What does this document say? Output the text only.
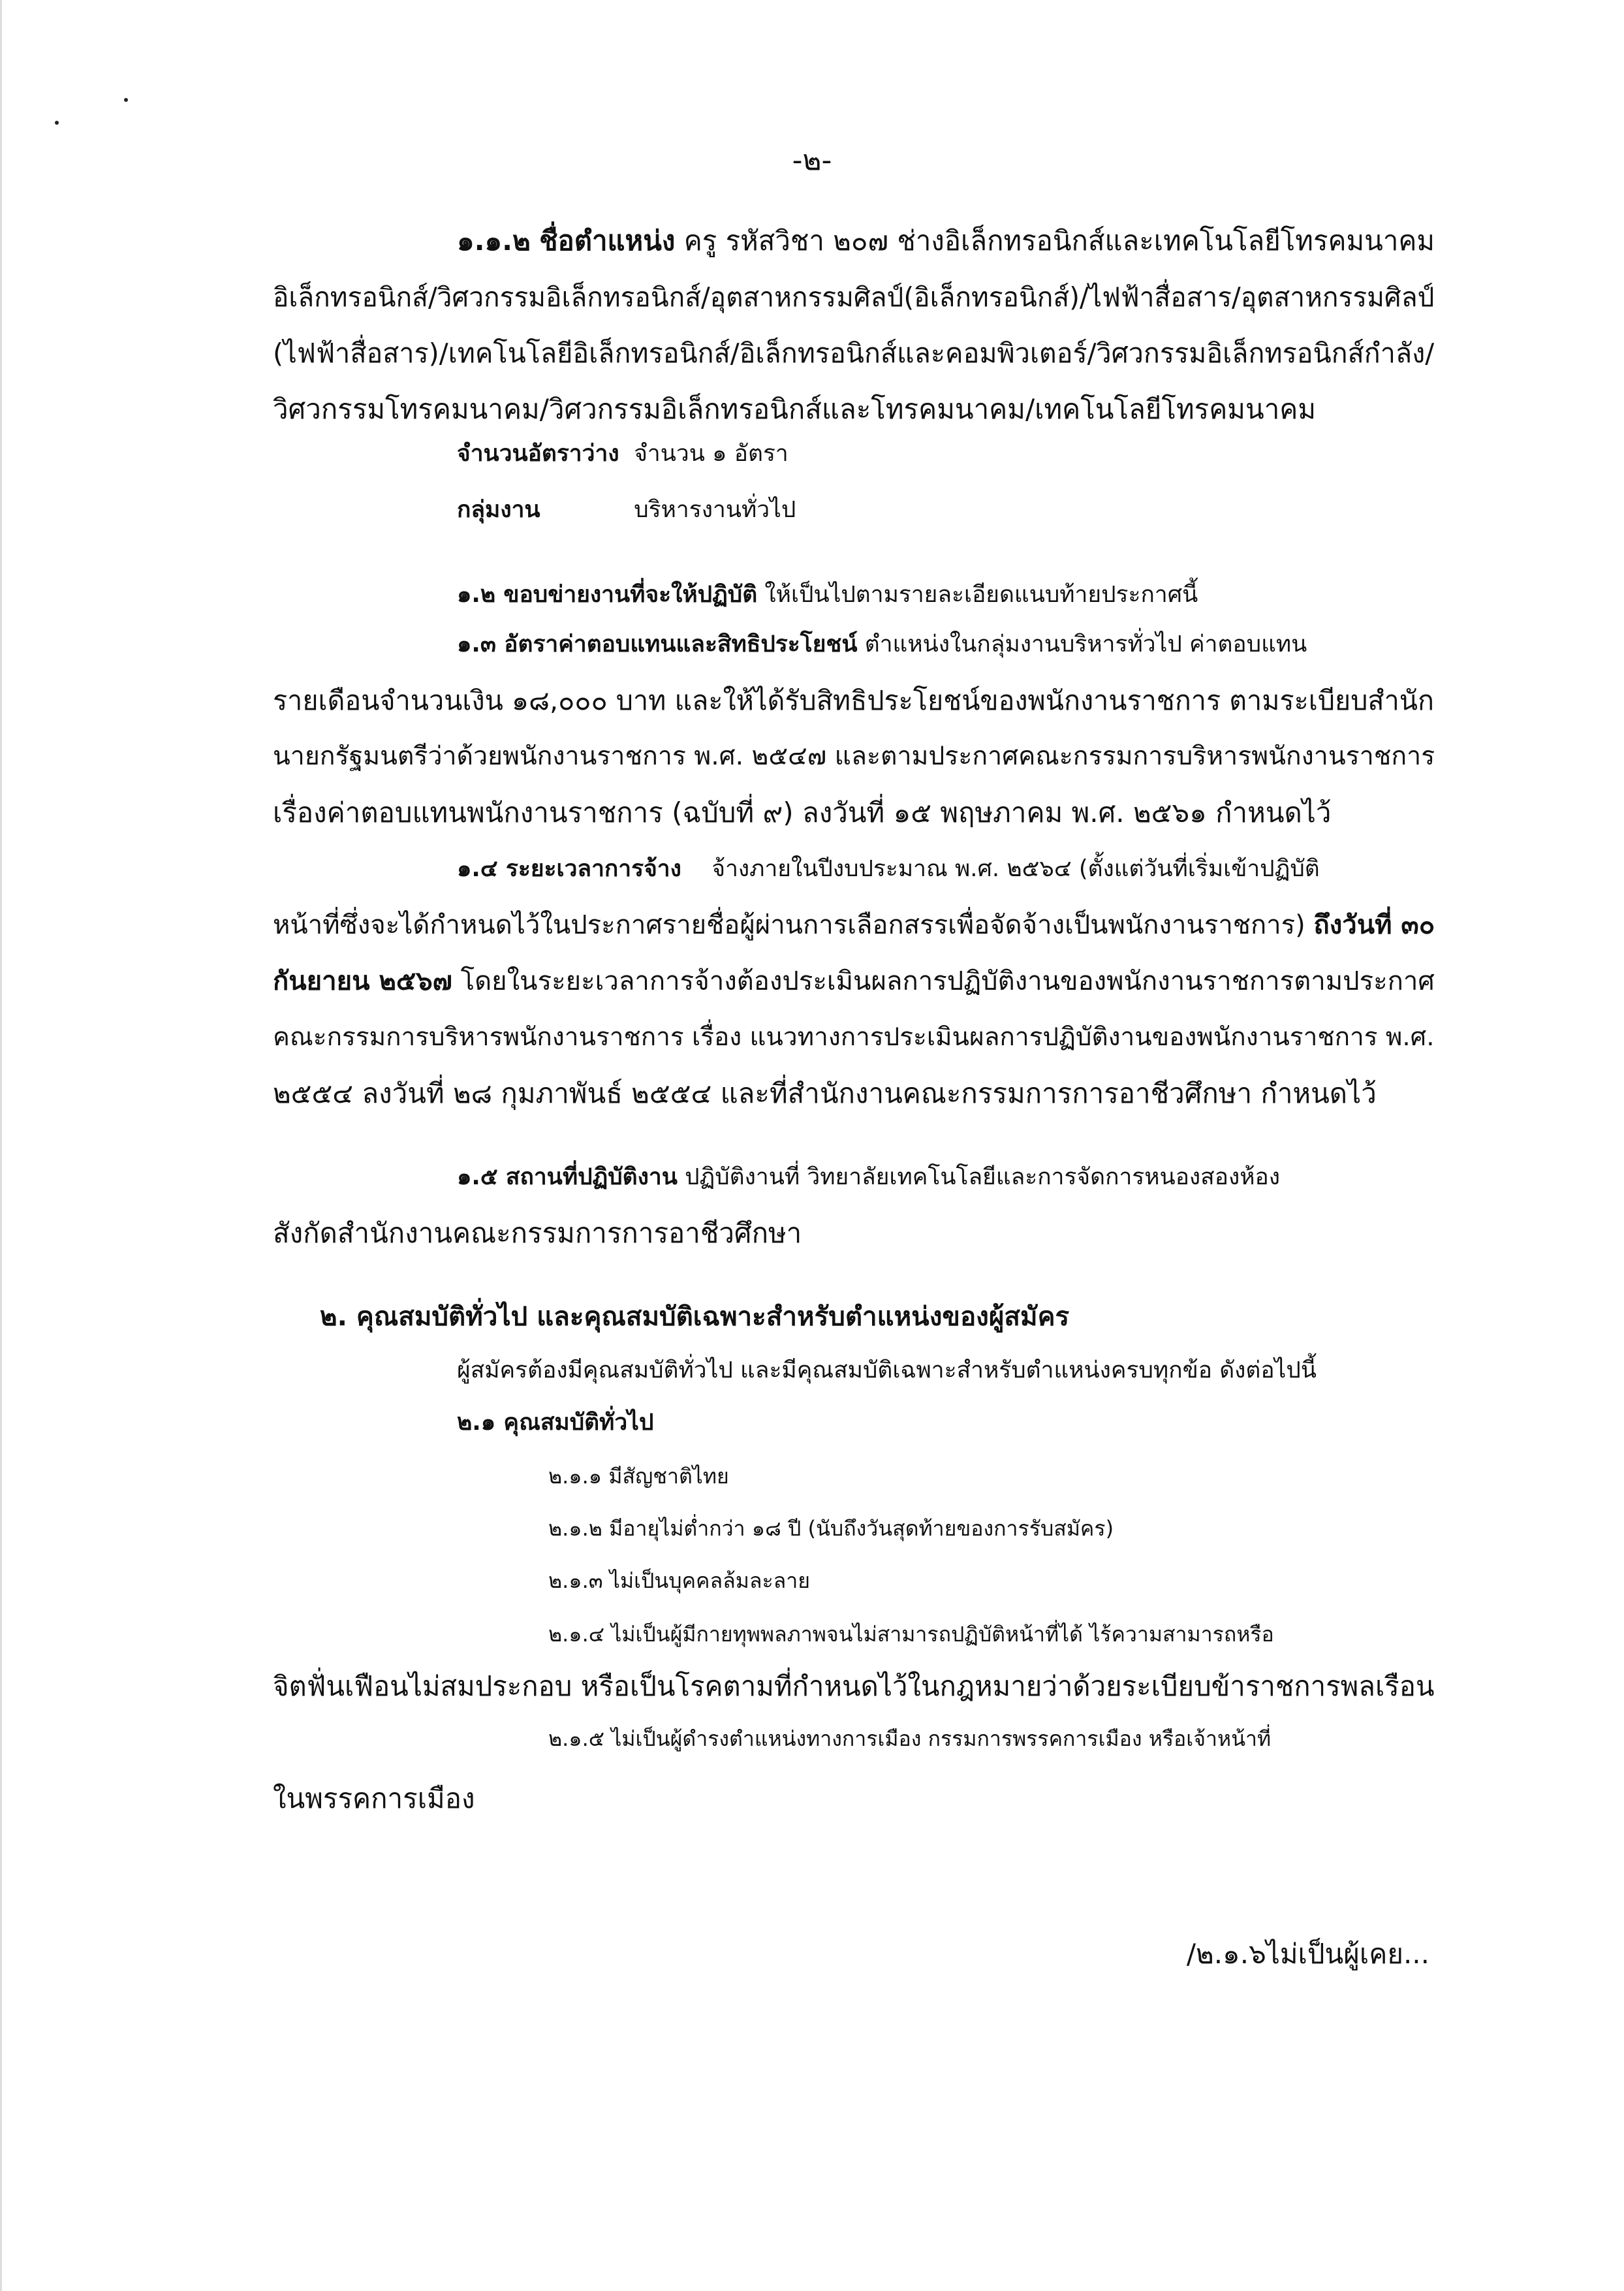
-๒-
๑.๑.๒ ชื่อตำแหน่ง ครู รหัสวิชา ๒๐๗ ช่างอิเล็กทรอนิกส์และเทคโนโลยีโทรคมนาคม
อิเล็กทรอนิกส์/วิศวกรรมอิเล็กทรอนิกส์/อุตสาหกรรมศิลป์(อิเล็กทรอนิกส์)/ไฟฟ้าสื่อสาร/อุตสาหกรรมศิลป์
(ไฟฟ้าสื่อสาร)/เทคโนโลยีอิเล็กทรอนิกส์/อิเล็กทรอนิกส์และคอมพิวเตอร์/วิศวกรรมอิเล็กทรอนิกส์กำลัง/
วิศวกรรมโทรคมนาคม/วิศวกรรมอิเล็กทรอนิกส์และโทรคมนาคม/เทคโนโลยีโทรคมนาคม
จำนวนอัตราว่าง จำนวน ๑ อัตรา
กลุ่มงาน	บริหารงานทั่วไป
๑.๒ ขอบข่ายงานที่จะให้ปฏิบัติ ให้เป็นไปตามรายละเอียดแนบท้ายประกาศนี้
๑.๓ อัตราค่าตอบแทนและสิทธิประโยชน์ ตำแหน่งในกลุ่มงานบริหารทั่วไป ค่าตอบแทน
รายเดือนจำนวนเงิน ๑๘,๐๐๐ บาท และให้ได้รับสิทธิประโยชน์ของพนักงานราชการ ตามระเบียบสำนัก
นายกรัฐมนตรีว่าด้วยพนักงานราชการ พ.ศ. ๒๕๔๗ และตามประกาศคณะกรรมการบริหารพนักงานราชการ
เรื่องค่าตอบแทนพนักงานราชการ (ฉบับที่ ๙) ลงวันที่ ๑๕ พฤษภาคม พ.ศ. ๒๕๖๑ กำหนดไว้
๑.๔ ระยะเวลาการจ้าง จ้างภายในปีงบประมาณ พ.ศ. ๒๕๖๔ (ตั้งแต่วันที่เริ่มเข้าปฏิบัติ
หน้าที่ซึ่งจะได้กำหนดไว้ในประกาศรายชื่อผู้ผ่านการเลือกสรรเพื่อจัดจ้างเป็นพนักงานราชการ) ถึงวันที่ ๓๐
กันยายน ๒๕๖๗ โดยในระยะเวลาการจ้างต้องประเมินผลการปฏิบัติงานของพนักงานราชการตามประกาศ
คณะกรรมการบริหารพนักงานราชการ เรื่อง แนวทางการประเมินผลการปฏิบัติงานของพนักงานราชการ พ.ศ.
๒๕๕๔ ลงวันที่ ๒๘ กุมภาพันธ์ ๒๕๕๔ และที่สำนักงานคณะกรรมการการอาชีวศึกษา กำหนดไว้
๑.๕ สถานที่ปฏิบัติงาน ปฏิบัติงานที่ วิทยาลัยเทคโนโลยีและการจัดการหนองสองห้อง
สังกัดสำนักงานคณะกรรมการการอาชีวศึกษา
๒. คุณสมบัติทั่วไป และคุณสมบัติเฉพาะสำหรับตำแหน่งของผู้สมัคร
ผู้สมัครต้องมีคุณสมบัติทั่วไป และมีคุณสมบัติเฉพาะสำหรับตำแหน่งครบทุกข้อ ดังต่อไปนี้
๒.๑ คุณสมบัติทั่วไป
๒.๑.๑ มีสัญชาติไทย
๒.๑.๒ มีอายุไม่ต่ำกว่า ๑๘ ปี (นับถึงวันสุดท้ายของการรับสมัคร)
๒.๑.๓ ไม่เป็นบุคคลล้มละลาย
๒.๑.๔ ไม่เป็นผู้มีกายทุพพลภาพจนไม่สามารถปฏิบัติหน้าที่ได้ ไร้ความสามารถหรือ
จิตฟั่นเฟือนไม่สมประกอบ หรือเป็นโรคตามที่กำหนดไว้ในกฎหมายว่าด้วยระเบียบข้าราชการพลเรือน
๒.๑.๕ ไม่เป็นผู้ดำรงตำแหน่งทางการเมือง กรรมการพรรคการเมือง หรือเจ้าหน้าที่
ในพรรคการเมือง
/๒.๑.๖ไม่เป็นผู้เคย...
